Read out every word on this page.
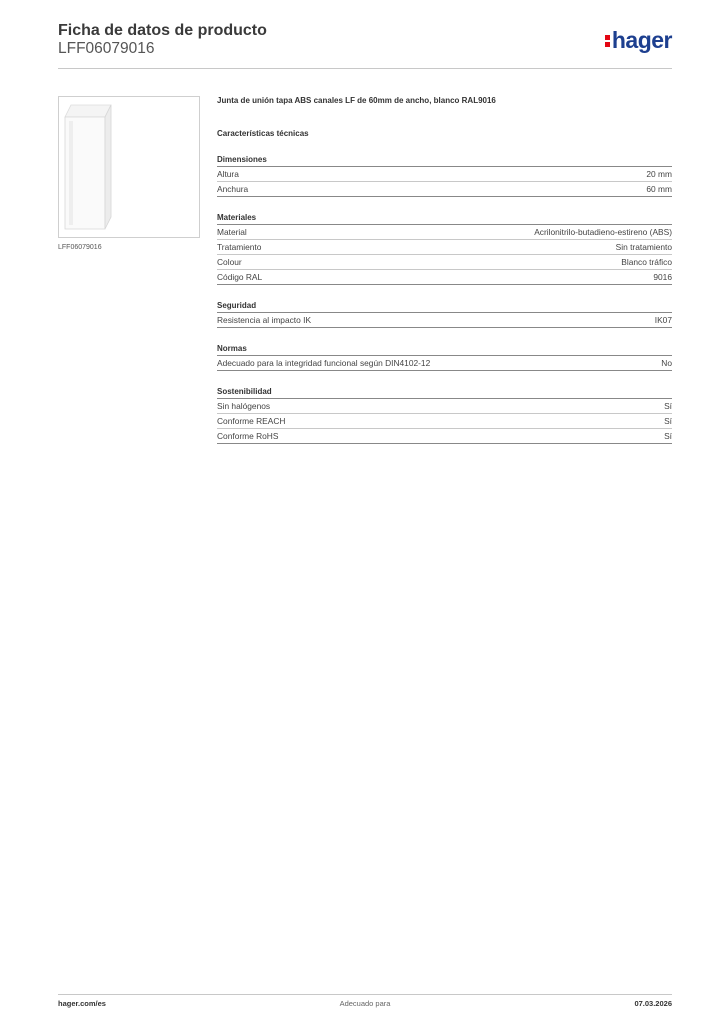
Ficha de datos de producto
LFF06079016	hager
LFF06079016
Junta de unión tapa ABS canales LF de 60mm de ancho, blanco RAL9016
Características técnicas
Dimensiones
Altura	20 mm
Anchura	60 mm
Materiales
Material	Acrilonitrilo-butadieno-estireno (ABS)
Tratamiento	Sin tratamiento
Colour	Blanco tráfico
Código RAL	9016
Seguridad
Resistencia al impacto IK	IK07
Normas
Adecuado para la integridad funcional según DIN4102-12	No
Sostenibilidad
Sin halógenos	Sí
Conforme REACH	Sí
Conforme RoHS	Sí
hager.com/es	Adecuado para	07.03.2026
